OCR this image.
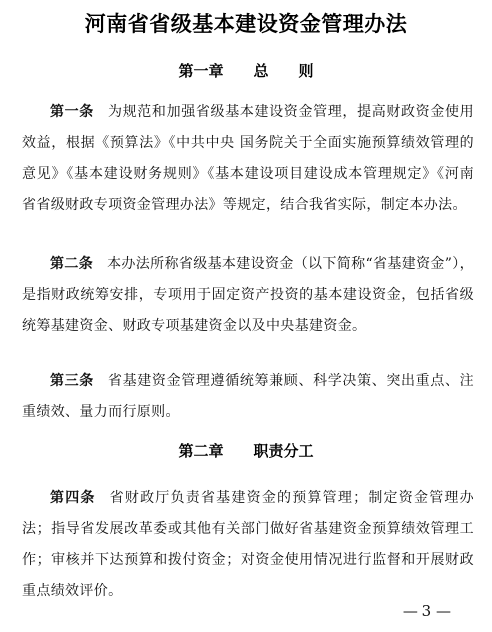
河南省省级基本建设资金管理办法
第一章 总　　则

第一条 为规范和加强省级基本建设资金管理，提高财政资金使用效益，根据《预算法》《中共中央 国务院关于全面实施预算绩效管理的意见》《基本建设财务规则》《基本建设项目建设成本管理规定》《河南省省级财政专项资金管理办法》等规定，结合我省实际，制定本办法。

第二条 本办法所称省级基本建设资金（以下简称“省基建资金”），是指财政统筹安排，专项用于固定资产投资的基本建设资金，包括省级统筹基建资金、财政专项基建资金以及中央基建资金。

第三条 省基建资金管理遵循统筹兼顾、科学决策、突出重点、注重绩效、量力而行原则。

第二章 职责分工

第四条 省财政厅负责省基建资金的预算管理；制定资金管理办法；指导省发展改革委或其他有关部门做好省基建资金预算绩效管理工作；审核并下达预算和拨付资金；对资金使用情况进行监督和开展财政重点绩效评价。

— 3 —
